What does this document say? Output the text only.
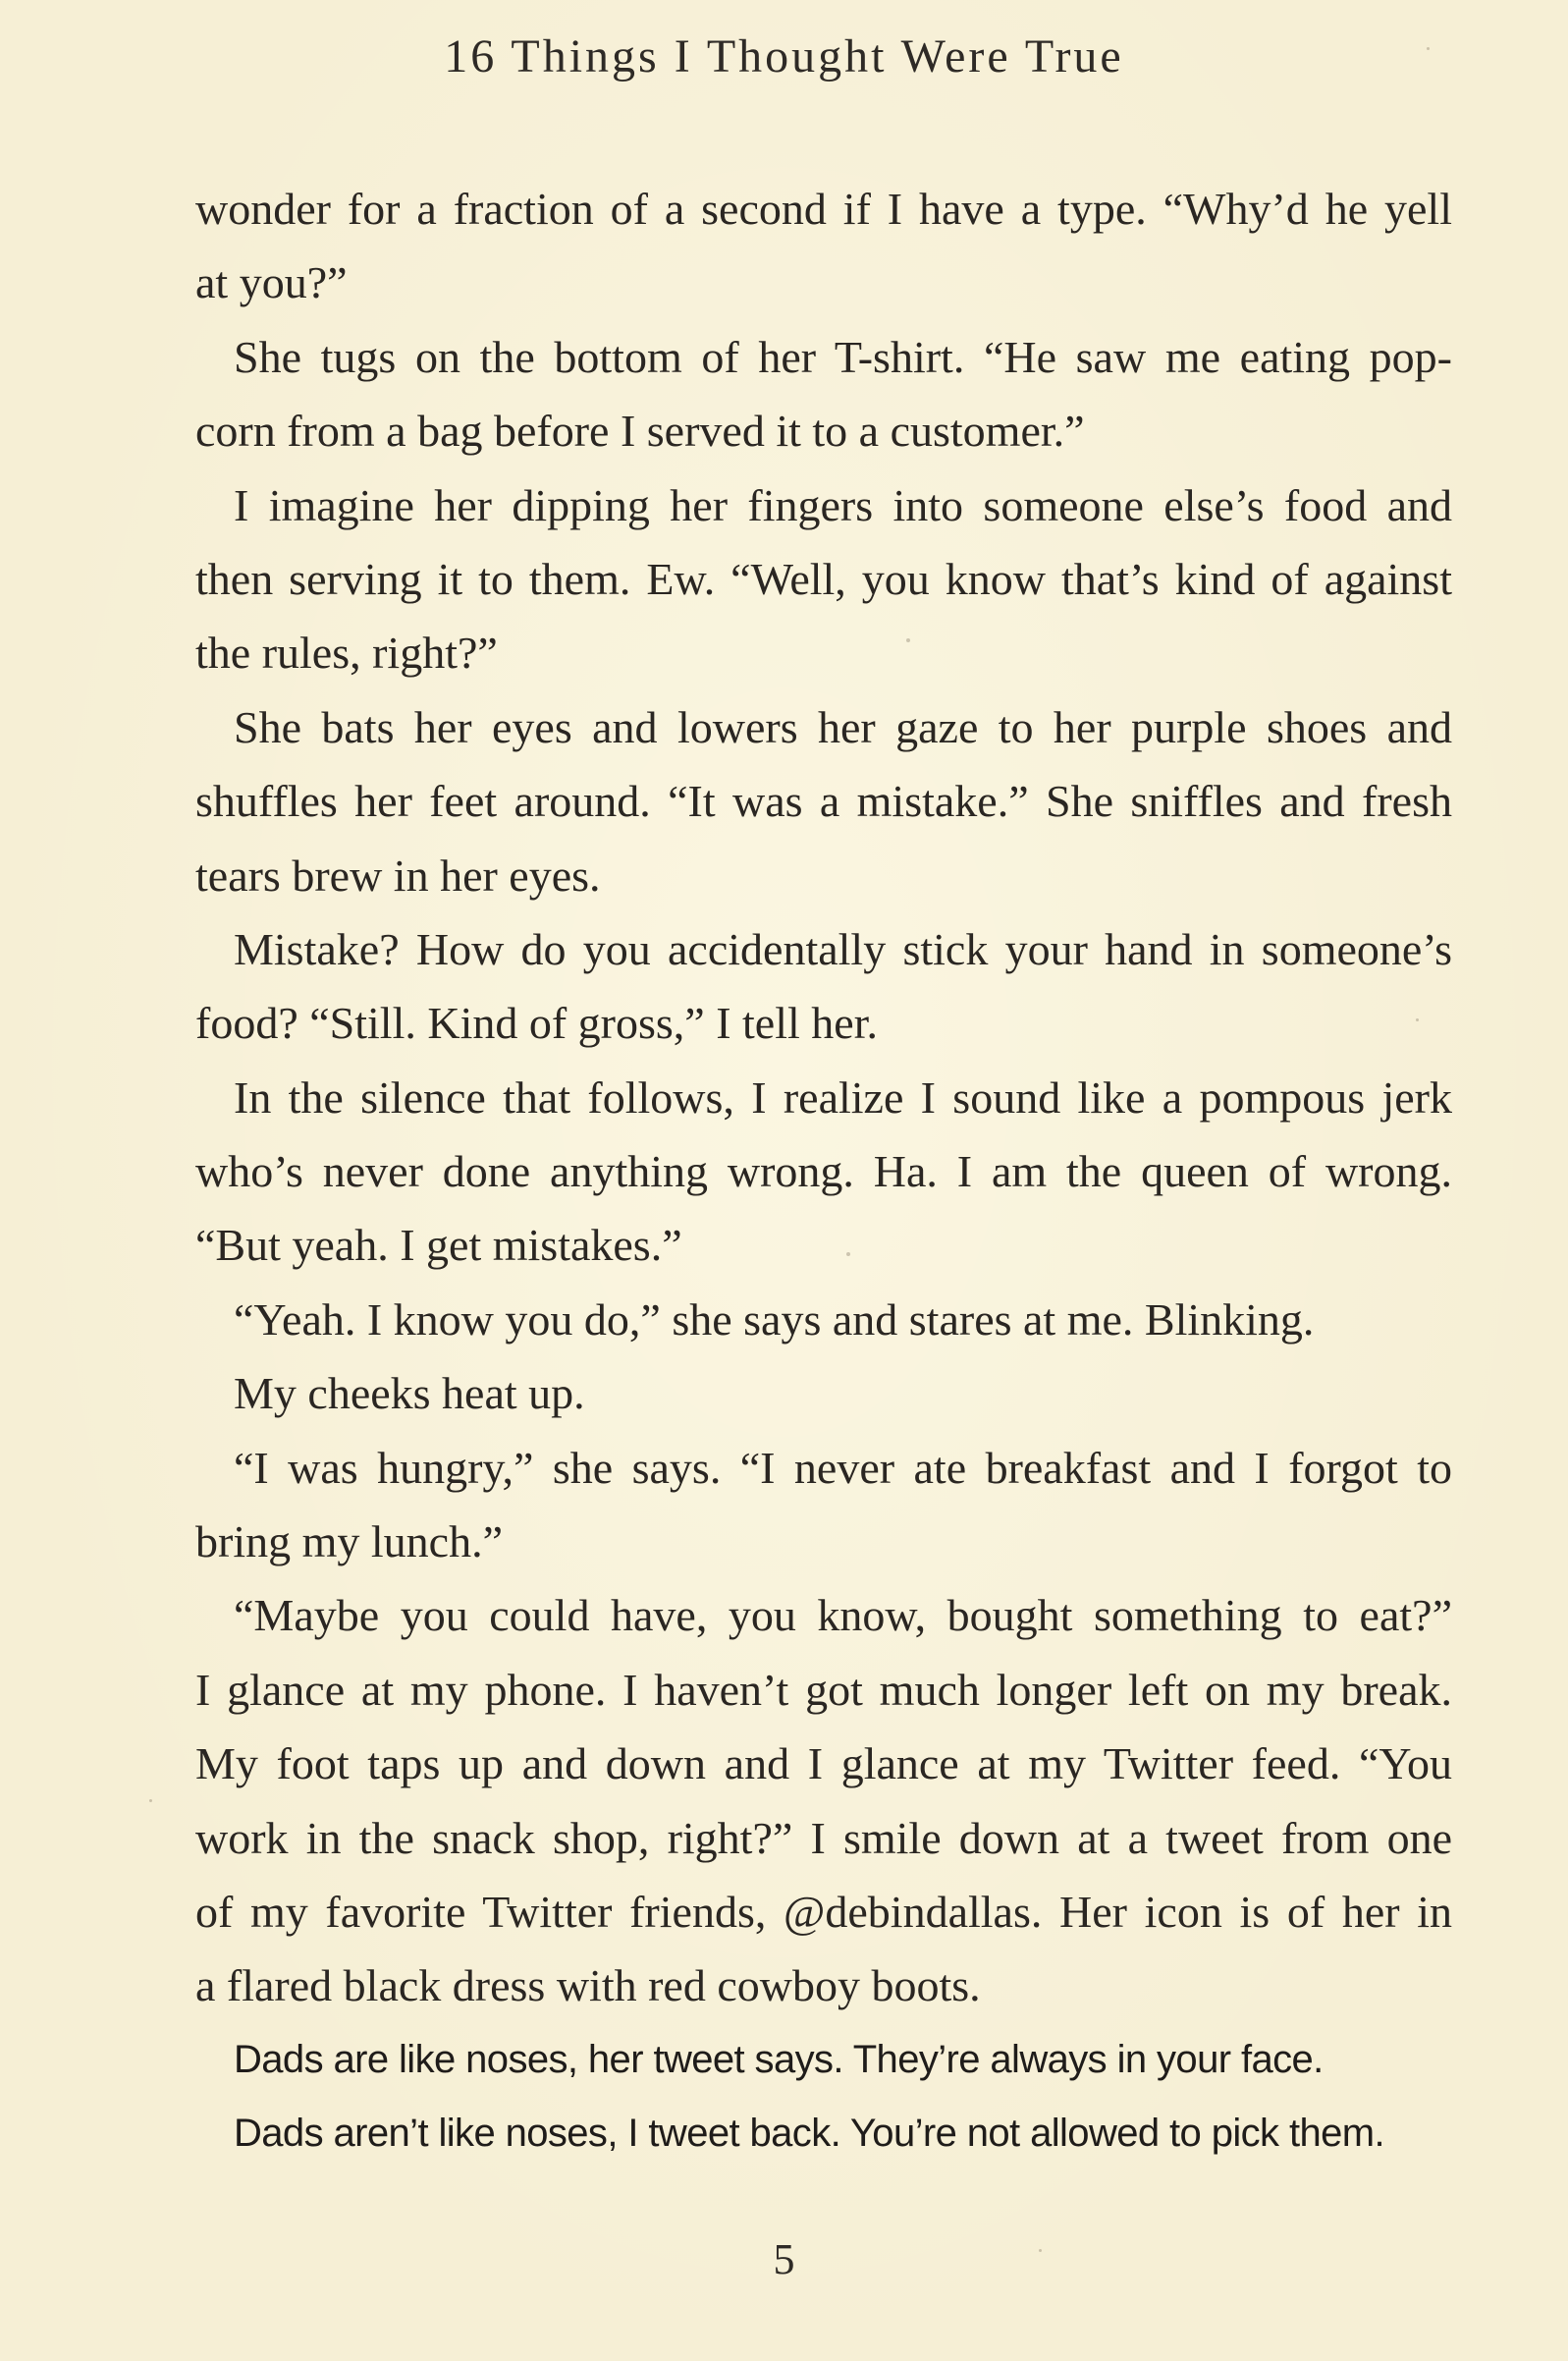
16 Things I Thought Were True
wonder for a fraction of a second if I have a type. “Why’d he yell
at you?”
She tugs on the bottom of her T-shirt. “He saw me eating pop-
corn from a bag before I served it to a customer.”
I imagine her dipping her fingers into someone else’s food and
then serving it to them. Ew. “Well, you know that’s kind of against
the rules, right?”
She bats her eyes and lowers her gaze to her purple shoes and
shuffles her feet around. “It was a mistake.” She sniffles and fresh
tears brew in her eyes.
Mistake? How do you accidentally stick your hand in someone’s
food? “Still. Kind of gross,” I tell her.
In the silence that follows, I realize I sound like a pompous jerk
who’s never done anything wrong. Ha. I am the queen of wrong.
“But yeah. I get mistakes.”
“Yeah. I know you do,” she says and stares at me. Blinking.
My cheeks heat up.
“I was hungry,” she says. “I never ate breakfast and I forgot to
bring my lunch.”
“Maybe you could have, you know, bought something to eat?”
I glance at my phone. I haven’t got much longer left on my break.
My foot taps up and down and I glance at my Twitter feed. “You
work in the snack shop, right?” I smile down at a tweet from one
of my favorite Twitter friends, @debindallas. Her icon is of her in
a flared black dress with red cowboy boots.
Dads are like noses, her tweet says. They’re always in your face.
Dads aren’t like noses, I tweet back. You’re not allowed to pick them.
5
